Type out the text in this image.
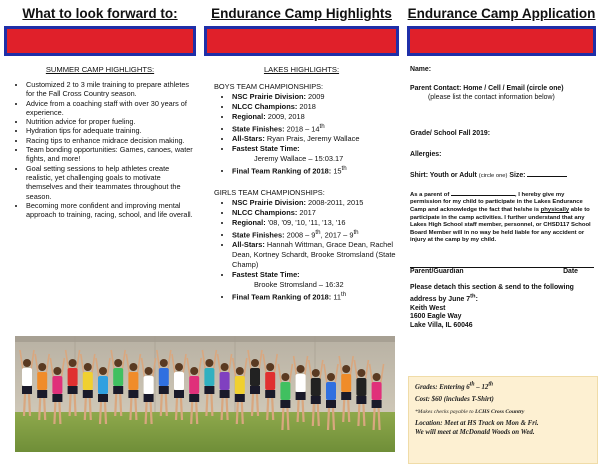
What to look forward to:
SUMMER CAMP HIGHLIGHTS:
• Customized 2 to 3 mile training to prepare athletes for the Fall Cross Country season.
• Advice from a coaching staff with over 30 years of experience.
• Nutrition advice for proper fueling.
• Hydration tips for adequate training.
• Racing tips to enhance midrace decision making.
• Team bonding opportunities: Games, canoes, water fights, and more!
• Goal setting sessions to help athletes create realistic, yet challenging goals to motivate themselves and their teammates throughout the season.
• Becoming more confident and improving mental approach to training, racing, school, and life overall.
Endurance Camp Highlights
LAKES HIGHLIGHTS:
BOYS TEAM CHAMPIONSHIPS:
• NSC Prairie Division: 2009
• NLCC Champions: 2018
• Regional: 2009, 2018
• State Finishes: 2018 – 14th
• All-Stars: Ryan Prais, Jeremy Wallace
• Fastest State Time:
Jeremy Wallace – 15:03.17
• Final Team Ranking of 2018: 15th
GIRLS TEAM CHAMPIONSHIPS:
• NSC Prairie Division: 2008-2011, 2015
• NLCC Champions: 2017
• Regional: '08, '09, '10, '11, '13, '16
• State Finishes: 2008 – 9th, 2017 – 9th
• All-Stars: Hannah Wittman, Grace Dean, Rachel Dean, Kortney Schardt, Brooke Stromsland (State Champ)
• Fastest State Time:
Brooke Stromsland – 16:32
• Final Team Ranking of 2018: 11th
Endurance Camp Application
Name:
Parent Contact: Home / Cell / Email (circle one)
(please list the contact information below)
Grade/ School Fall 2019:
Allergies:
Shirt: Youth or Adult (circle one) Size:
As a parent of	, I hereby give my permission for my child to participate in the Lakes Endurance Camp and acknowledge the fact that he/she is physically able to participate in the camp activities. I further understand that any Lakes High School staff member, personnel, or CHSD117 School Board Member will in no way be held liable for any accident or injury at the camp by my child.
Parent/Guardian	Date
Please detach this section & send to the following address by June 7th:
Keith West
1600 Eagle Way
Lake Villa, IL 60046

Grades: Entering 6th – 12th

Cost: $60 (includes T-Shirt)

*Makes checks payable to LCHS Cross Country

Location: Meet at HS Track on Mon & Fri.
We will meet at McDonald Woods on Wed.
